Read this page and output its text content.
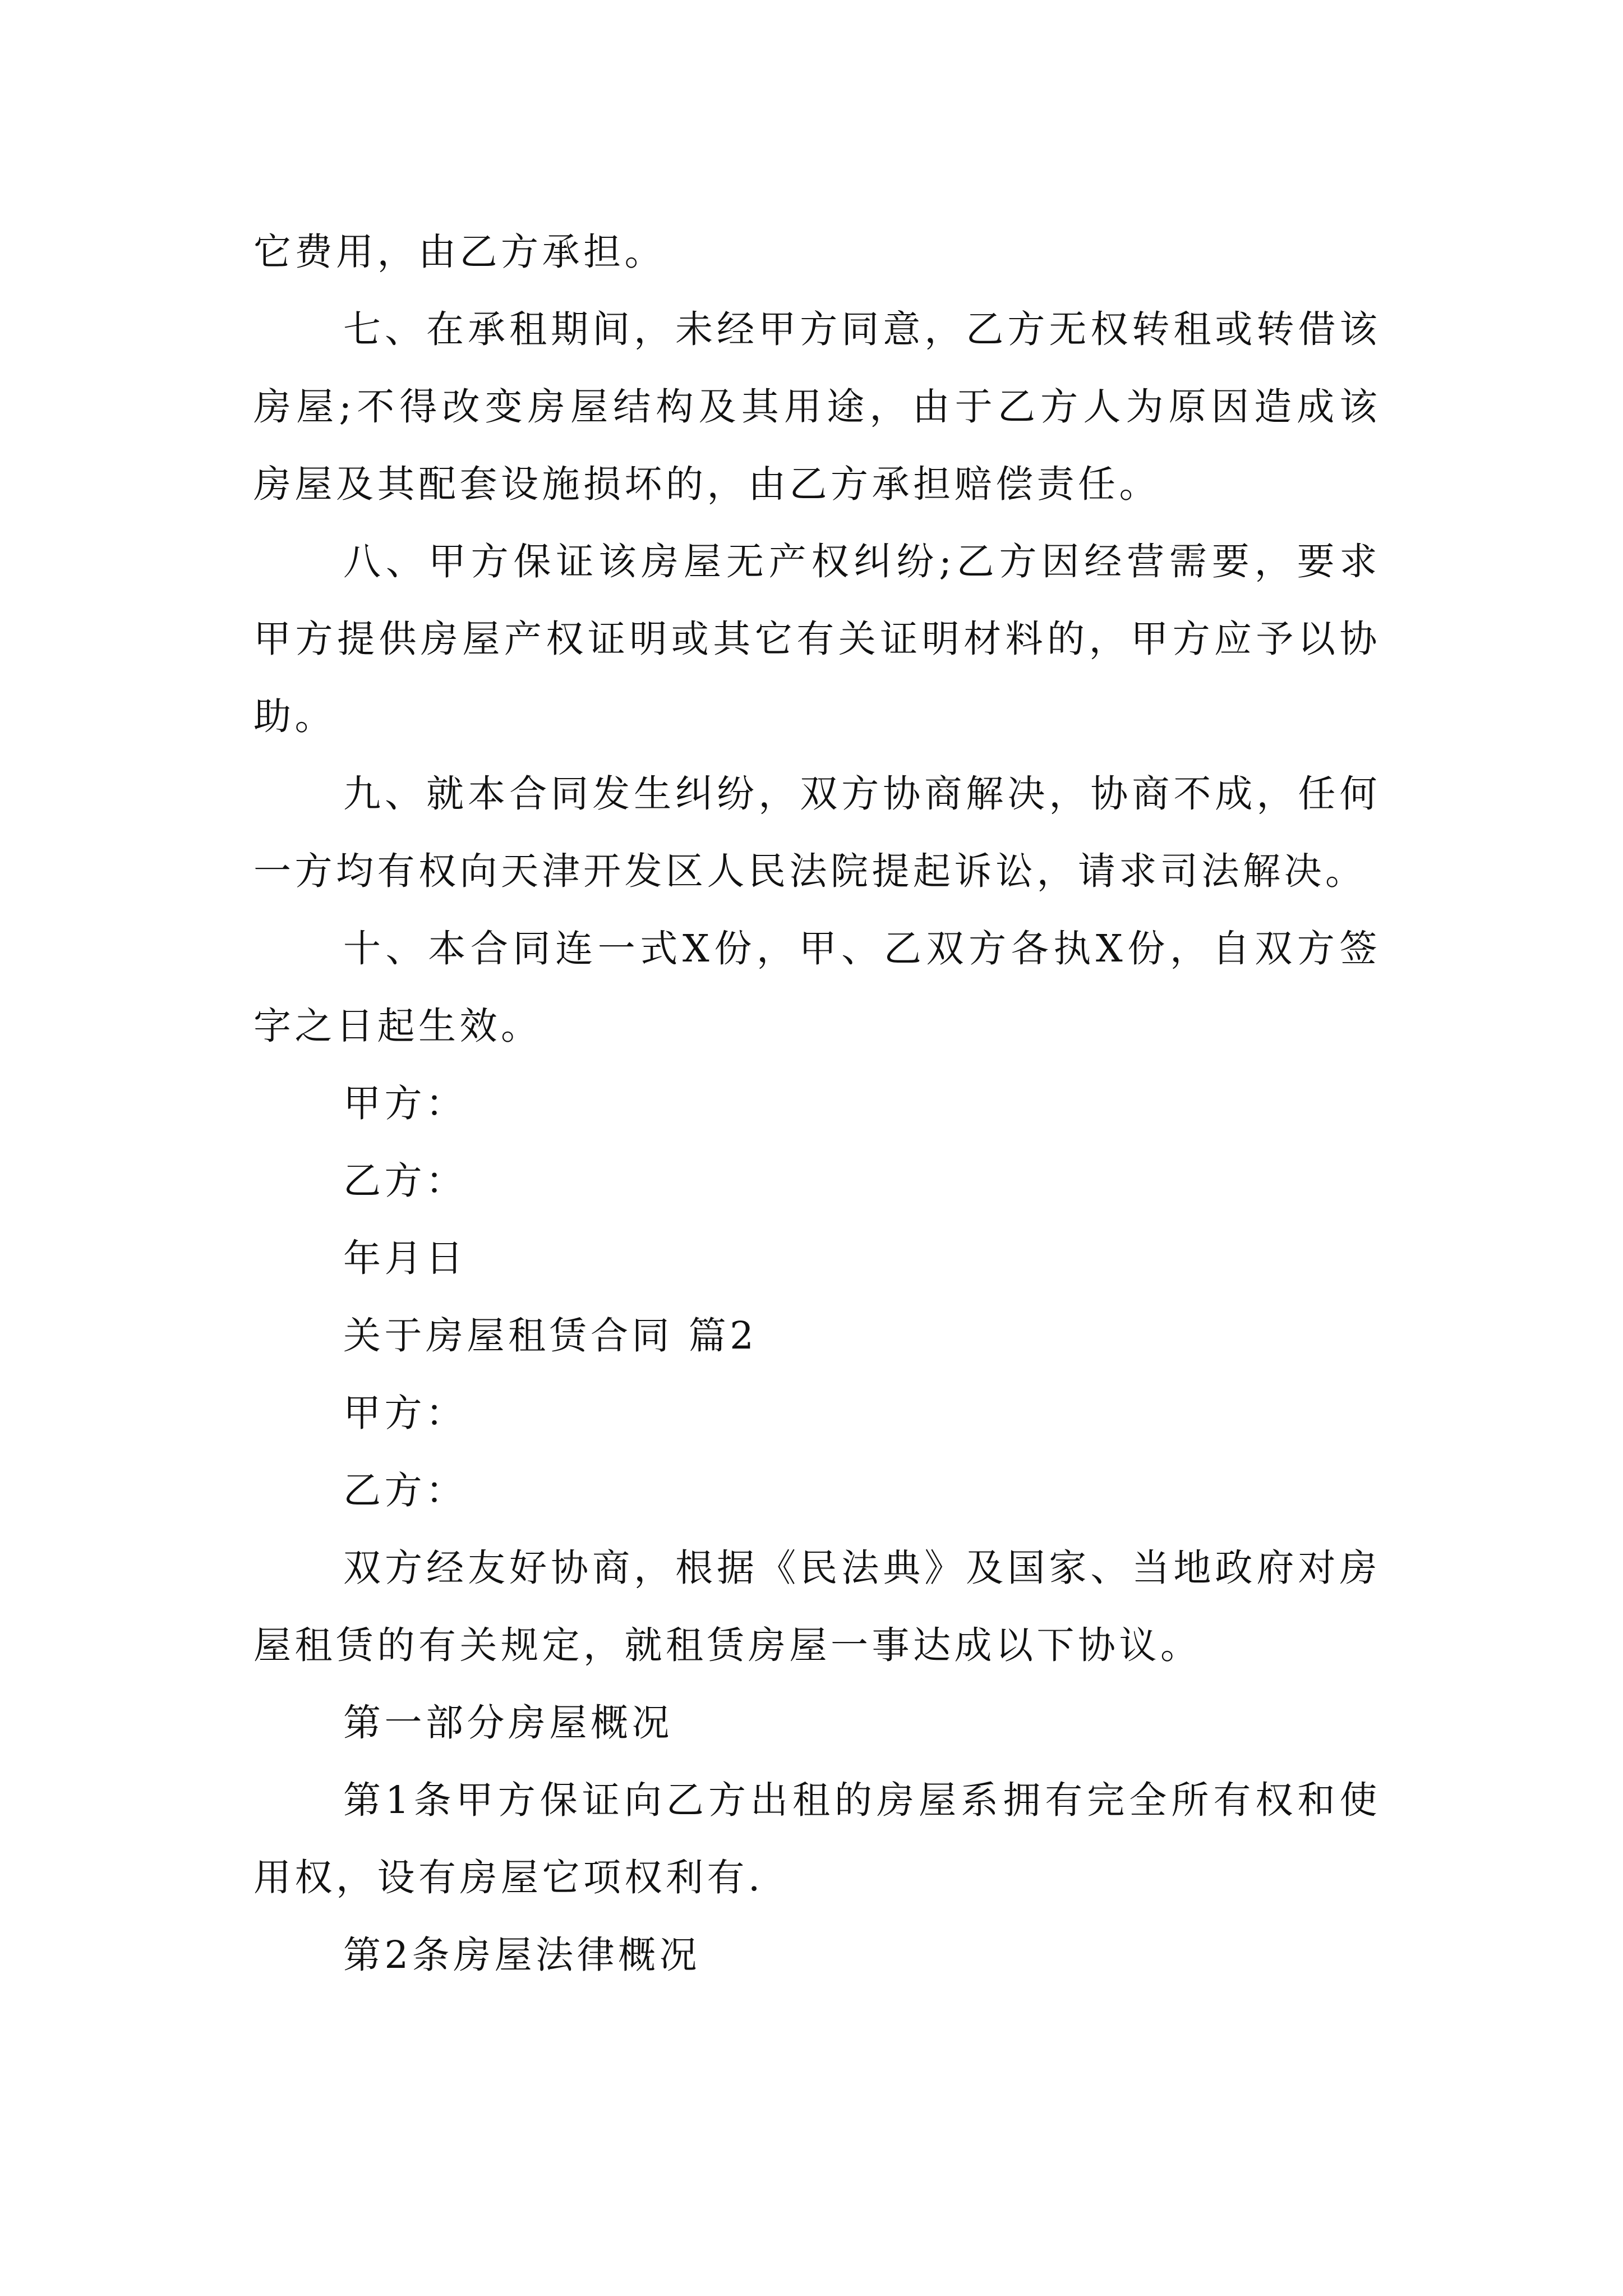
它费用，由乙方承担。

七、在承租期间，未经甲方同意，乙方无权转租或转借该房屋;不得改变房屋结构及其用途，由于乙方人为原因造成该房屋及其配套设施损坏的，由乙方承担赔偿责任。

八、甲方保证该房屋无产权纠纷;乙方因经营需要，要求甲方提供房屋产权证明或其它有关证明材料的，甲方应予以协助。

九、就本合同发生纠纷，双方协商解决，协商不成，任何一方均有权向天津开发区人民法院提起诉讼，请求司法解决。

十、本合同连一式X份，甲、乙双方各执X份，自双方签字之日起生效。

甲方：

乙方：

年月日

关于房屋租赁合同 篇2

甲方：

乙方：

双方经友好协商，根据《民法典》及国家、当地政府对房屋租赁的有关规定，就租赁房屋一事达成以下协议。

第一部分房屋概况

第1条甲方保证向乙方出租的房屋系拥有完全所有权和使用权，设有房屋它项权利有.

第2条房屋法律概况
